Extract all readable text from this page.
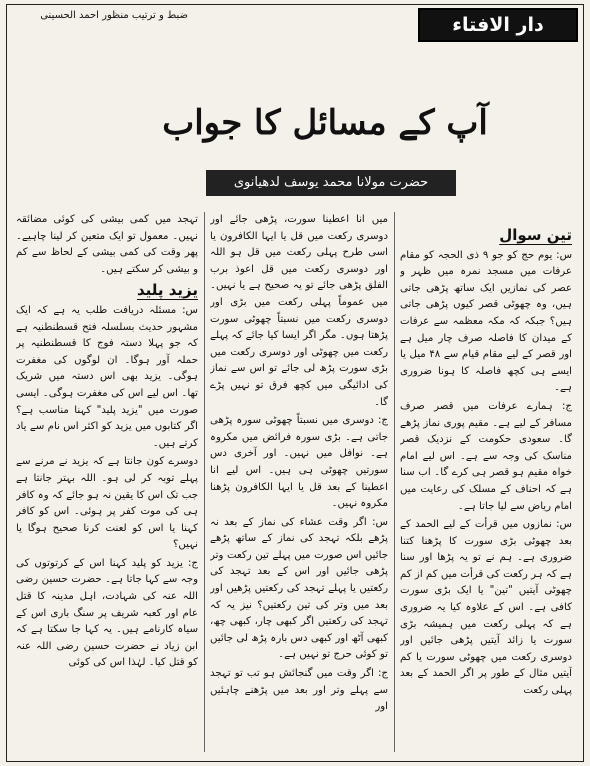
ضبط و ترتیب منظور احمد الحسینی	دار الافتاء
آپ کے مسائل کا جواب
حضرت مولانا محمد یوسف لدھیانوی
تین سوال

س: یوم حج کو جو ۹ ذی الحجہ کو مقام عرفات میں مسجد نمرہ میں ظہر و عصر کی نمازیں ایک ساتھ پڑھی جاتی ہیں، وہ چھوٹی قصر کیوں پڑھی جاتی ہیں؟ جبکہ کہ مکہ معظمہ سے عرفات کے میدان کا فاصلہ صرف چار میل ہے اور قصر کے لیے مقام قیام سے ۴۸ میل یا ایسے ہی کچھ فاصلہ کا ہونا ضروری ہے۔

ج: ہمارے عرفات میں قصر صرف مسافر کے لیے ہے۔ مقیم پوری نماز پڑھے گا۔ سعودی حکومت کے نزدیک قصر مناسک کی وجہ سے ہے۔ اس لیے امام خواہ مقیم ہو قصر ہی کرے گا۔ اب سنا ہے کہ احناف کے مسلک کی رعایت میں امام ریاض سے لیا جاتا ہے۔

س: نمازوں میں قرأت کے لیے الحمد کے بعد چھوٹی بڑی سورت کا پڑھنا کتنا ضروری ہے۔ ہم نے تو یہ پڑھا اور سنا ہے کہ ہر رکعت کی قرأت میں کم از کم چھوٹی آیتیں "تین" یا ایک بڑی سورت کافی ہے۔ اس کے علاوہ کیا یہ ضروری ہے کہ پہلی رکعت میں ہمیشہ بڑی سورت یا زائد آیتیں پڑھی جائیں اور دوسری رکعت میں چھوٹی سورت یا کم آیتیں مثال کے طور پر اگر الحمد کے بعد پہلی رکعت

میں انا اعطینا سورت، پڑھی جائے اور دوسری رکعت میں قل یا ایہا الکافرون یا اسی طرح پہلی رکعت میں قل ہو اللہ اور دوسری رکعت میں قل اعوذ برب الفلق پڑھی جائے تو یہ صحیح ہے یا نہیں۔ میں عموماً پہلی رکعت میں بڑی اور دوسری رکعت میں نسبتاً چھوٹی سورت پڑھتا ہوں۔ مگر اگر ایسا کیا جائے کہ پہلے رکعت میں چھوٹی اور دوسری رکعت میں بڑی سورت پڑھ لی جائے تو اس سے نماز کی ادائیگی میں کچھ فرق تو نہیں پڑے گا۔

ج: دوسری میں نسبتاً چھوٹی سورہ پڑھی جاتی ہے۔ بڑی سورہ فرائض میں مکروہ ہے۔ نوافل میں نہیں۔ اور آخری دس سورتیں چھوٹی ہی ہیں۔ اس لیے انا اعطینا کے بعد قل یا ایہا الکافرون پڑھنا مکروہ نہیں۔

س: اگر وقت عشاء کی نماز کے بعد نہ پڑھے بلکہ تہجد کی نماز کے ساتھ پڑھے جائیں اس صورت میں پہلے تین رکعت وتر پڑھی جائیں اور اس کے بعد تہجد کی رکعتیں یا پہلے تہجد کی رکعتیں پڑھیں اور بعد میں وتر کی تین رکعتیں؟ نیز یہ کہ تہجد کی رکعتیں اگر کبھی چار، کبھی چھ، کبھی آٹھ اور کبھی دس بارہ پڑھ لی جائیں تو کوئی حرج تو نہیں ہے۔

ج: اگر وقت میں گنجائش ہو تب تو تہجد سے پہلے وتر اور بعد میں پڑھنے چاہئیں اور

تہجد میں کمی بیشی کی کوئی مضائقہ نہیں۔ معمول تو ایک متعین کر لینا چاہیے۔ پھر وقت کی کمی بیشی کے لحاظ سے کم و بیشی کر سکتے ہیں۔

یزید پلید

س: مسئلہ دریافت طلب یہ ہے کہ ایک مشہور حدیث بسلسلہ فتح قسطنطنیہ ہے کہ جو پہلا دستہ فوج کا قسطنطنیہ پر حملہ آور ہوگا۔ ان لوگوں کی مغفرت ہوگی۔ یزید بھی اس دستہ میں شریک تھا۔ اس لیے اس کی مغفرت ہوگی۔ ایسی صورت میں "یزید پلید" کہنا مناسب ہے؟ اگر کتابوں میں یزید کو اکثر اس نام سے یاد کرتے ہیں۔

دوسرے کون جانتا ہے کہ یزید نے مرنے سے پہلے توبہ کر لی ہو۔ اللہ بہتر جانتا ہے جب تک اس کا یقین نہ ہو جائے کہ وہ کافر ہی کی موت کفر پر ہوئی۔ اس کو کافر کہنا یا اس کو لعنت کرنا صحیح ہوگا یا نہیں؟

ج: یزید کو پلید کہنا اس کے کرتوتوں کی وجہ سے کہا جاتا ہے۔ حضرت حسین رضی اللہ عنہ کی شہادت، اہل مدینہ کا قتل عام اور کعبہ شریف پر سنگ باری اس کے سیاہ کارنامے ہیں۔ یہ کہا جا سکتا ہے کہ ابن زیاد نے حضرت حسین رضی اللہ عنہ کو قتل کیا۔ لہٰذا اس کی کوئی
